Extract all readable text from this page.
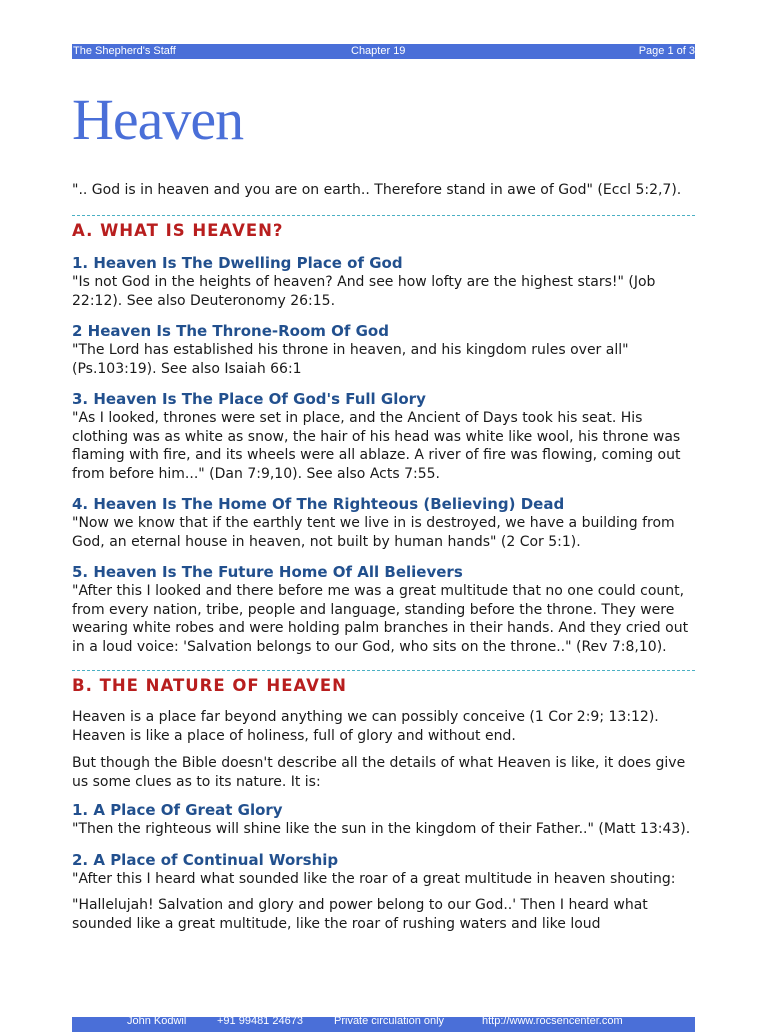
The Shepherd's Staff	Chapter 19	Page 1 of 3
Heaven

".. God is in heaven and you are on earth.. Therefore stand in awe of God" (Eccl 5:2,7).

A. WHAT IS HEAVEN?
1. Heaven Is The Dwelling Place of God

"Is not God in the heights of heaven? And see how lofty are the highest stars!" (Job 22:12). See also Deuteronomy 26:15.

2 Heaven Is The Throne-Room Of God

"The Lord has established his throne in heaven, and his kingdom rules over all" (Ps.103:19). See also Isaiah 66:1

3. Heaven Is The Place Of God's Full Glory

"As I looked, thrones were set in place, and the Ancient of Days took his seat. His clothing was as white as snow, the hair of his head was white like wool, his throne was flaming with fire, and its wheels were all ablaze. A river of fire was flowing, coming out from before him..." (Dan 7:9,10). See also Acts 7:55.

4. Heaven Is The Home Of The Righteous (Believing) Dead

"Now we know that if the earthly tent we live in is destroyed, we have a building from God, an eternal house in heaven, not built by human hands" (2 Cor 5:1).

5. Heaven Is The Future Home Of All Believers

"After this I looked and there before me was a great multitude that no one could count, from every nation, tribe, people and language, standing before the throne. They were wearing white robes and were holding palm branches in their hands. And they cried out in a loud voice: 'Salvation belongs to our God, who sits on the throne.." (Rev 7:8,10).

B. THE NATURE OF HEAVEN

Heaven is a place far beyond anything we can possibly conceive (1 Cor 2:9; 13:12). Heaven is like a place of holiness, full of glory and without end.

But though the Bible doesn't describe all the details of what Heaven is like, it does give us some clues as to its nature. It is:

1. A Place Of Great Glory

"Then the righteous will shine like the sun in the kingdom of their Father.." (Matt 13:43).

2. A Place of Continual Worship

"After this I heard what sounded like the roar of a great multitude in heaven shouting:

"Hallelujah! Salvation and glory and power belong to our God..' Then I heard what sounded like a great multitude, like the roar of rushing waters and like loud

John Kodwil	+91 99481 24673	Private circulation only	http://www.rocsencenter.com
